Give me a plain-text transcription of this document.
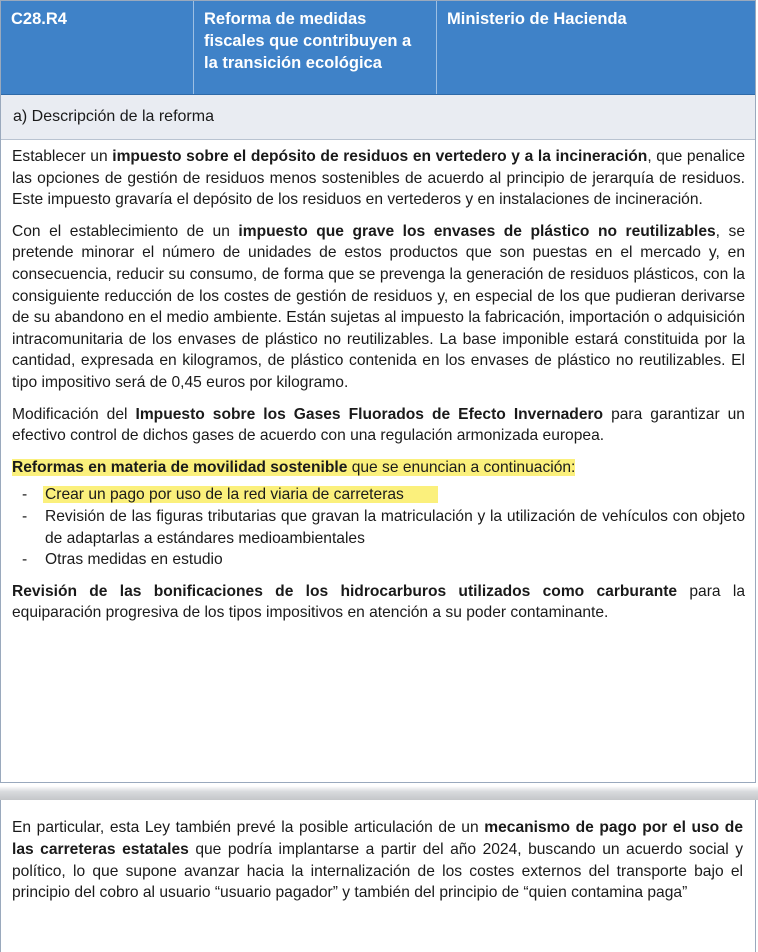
C28.R4	Reforma de medidas fiscales que contribuyen a la transición ecológica
Ministerio de Hacienda
a) Descripción de la reforma

Establecer un impuesto sobre el depósito de residuos en vertedero y a la incineración, que penalice las opciones de gestión de residuos menos sostenibles de acuerdo al principio de jerarquía de residuos. Este impuesto gravaría el depósito de los residuos en vertederos y en instalaciones de incineración.

Con el establecimiento de un impuesto que grave los envases de plástico no reutilizables, se pretende minorar el número de unidades de estos productos que son puestas en el mercado y, en consecuencia, reducir su consumo, de forma que se prevenga la generación de residuos plásticos, con la consiguiente reducción de los costes de gestión de residuos y, en especial de los que pudieran derivarse de su abandono en el medio ambiente. Están sujetas al impuesto la fabricación, importación o adquisición intracomunitaria de los envases de plástico no reutilizables. La base imponible estará constituida por la cantidad, expresada en kilogramos, de plástico contenida en los envases de plástico no reutilizables. El tipo impositivo será de 0,45 euros por kilogramo.

Modificación del Impuesto sobre los Gases Fluorados de Efecto Invernadero para garantizar un efectivo control de dichos gases de acuerdo con una regulación armonizada europea.

Reformas en materia de movilidad sostenible que se enuncian a continuación:

- Crear un pago por uso de la red viaria de carreteras
- Revisión de las figuras tributarias que gravan la matriculación y la utilización de vehículos con objeto de adaptarlas a estándares medioambientales
- Otras medidas en estudio

Revisión de las bonificaciones de los hidrocarburos utilizados como carburante para la equiparación progresiva de los tipos impositivos en atención a su poder contaminante.

En particular, esta Ley también prevé la posible articulación de un mecanismo de pago por el uso de las carreteras estatales que podría implantarse a partir del año 2024, buscando un acuerdo social y político, lo que supone avanzar hacia la internalización de los costes externos del transporte bajo el principio del cobro al usuario “usuario pagador” y también del principio de “quien contamina paga”
